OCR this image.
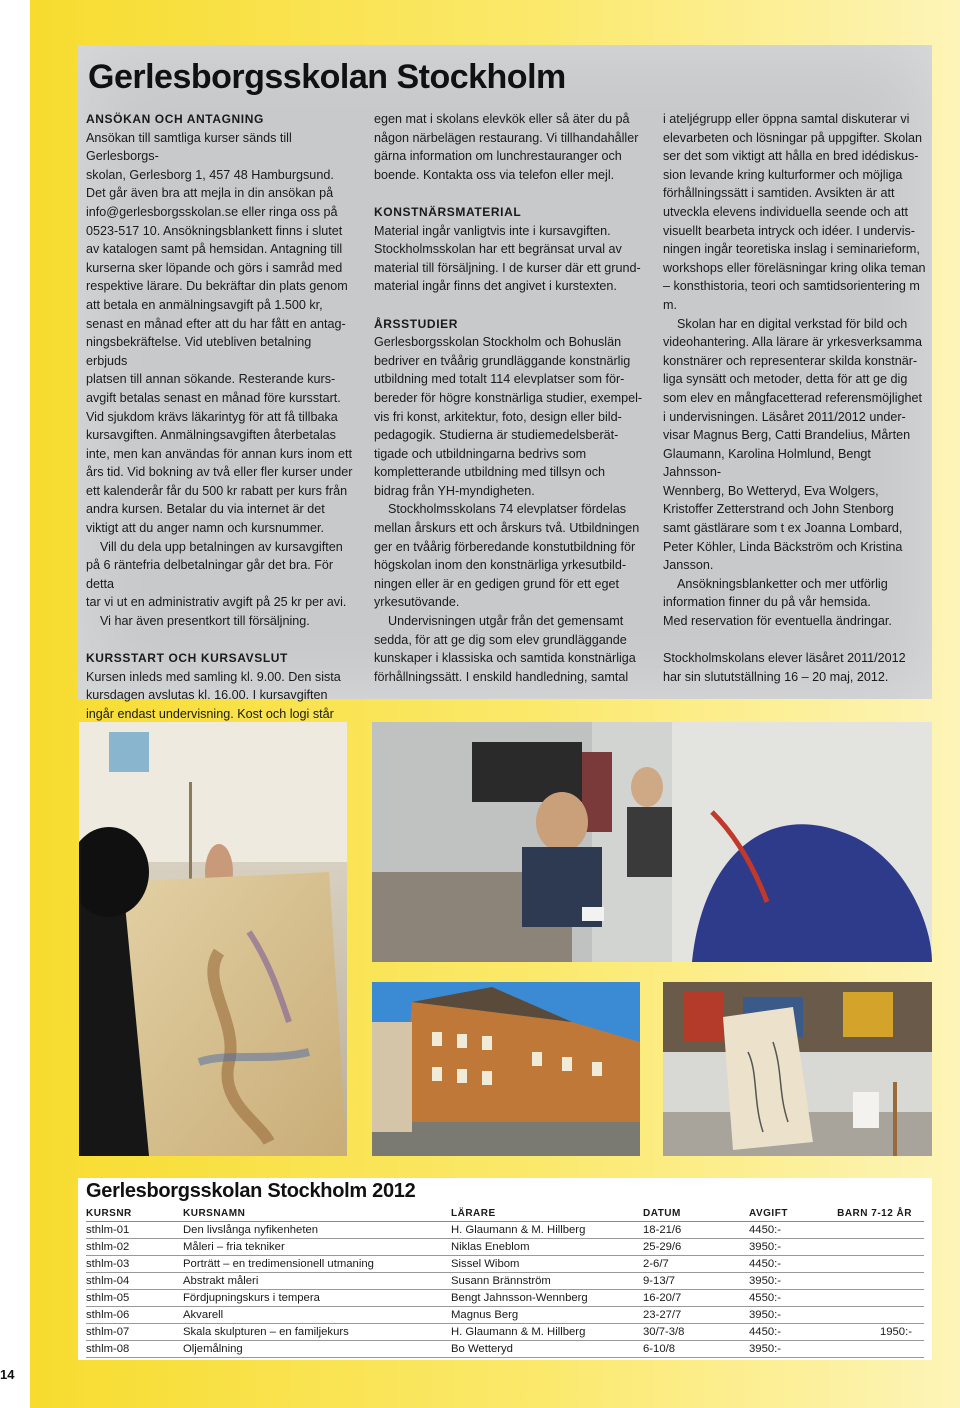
Gerlesborgsskolan Stockholm
ANSÖKAN OCH ANTAGNING

Ansökan till samtliga kurser sänds till Gerlesborgs-

skolan, Gerlesborg 1, 457 48 Hamburgsund.

Det går även bra att mejla in din ansökan på

info@gerlesborgsskolan.se eller ringa oss på

0523-517 10. Ansökningsblankett finns i slutet

av katalogen samt på hemsidan. Antagning till

kurserna sker löpande och görs i samråd med

respektive lärare. Du bekräftar din plats genom

att betala en anmälningsavgift på 1.500 kr,

senast en månad efter att du har fått en antag-

ningsbekräftelse. Vid utebliven betalning erbjuds

platsen till annan sökande. Resterande kurs-

avgift betalas senast en månad före kursstart.

Vid sjukdom krävs läkarintyg för att få tillbaka

kursavgiften. Anmälningsavgiften återbetalas

inte, men kan användas för annan kurs inom ett

års tid. Vid bokning av två eller fler kurser under

ett kalenderår får du 500 kr rabatt per kurs från

andra kursen. Betalar du via internet är det

viktigt att du anger namn och kursnummer.

Vill du dela upp betalningen av kursavgiften

på 6 räntefria delbetalningar går det bra. För detta

tar vi ut en administrativ avgift på 25 kr per avi.

Vi har även presentkort till försäljning.

KURSSTART OCH KURSAVSLUT

Kursen inleds med samling kl. 9.00. Den sista

kursdagen avslutas kl. 16.00. I kursavgiften

ingår endast undervisning. Kost och logi står

egen mat i skolans elevkök eller så äter du på

någon närbelägen restaurang. Vi tillhandahåller

gärna information om lunchrestauranger och

boende. Kontakta oss via telefon eller mejl.

KONSTNÄRSMATERIAL

Material ingår vanligtvis inte i kursavgiften.

Stockholmsskolan har ett begränsat urval av

material till försäljning. I de kurser där ett grund-

material ingår finns det angivet i kurstexten.

ÅRSSTUDIER

Gerlesborgsskolan Stockholm och Bohuslän

bedriver en tvåårig grundläggande konstnärlig

utbildning med totalt 114 elevplatser som för-

bereder för högre konstnärliga studier, exempel-

vis fri konst, arkitektur, foto, design eller bild-

pedagogik. Studierna är studiemedelsberät-

tigade och utbildningarna bedrivs som

kompletterande utbildning med tillsyn och

bidrag från YH-myndigheten.

Stockholmsskolans 74 elevplatser fördelas

mellan årskurs ett och årskurs två. Utbildningen

ger en tvåårig förberedande konstutbildning för

högskolan inom den konstnärliga yrkesutbild-

ningen eller är en gedigen grund för ett eget

yrkesutövande.

Undervisningen utgår från det gemensamt

sedda, för att ge dig som elev grundläggande

kunskaper i klassiska och samtida konstnärliga

förhållningssätt. I enskild handledning, samtal

i ateljégrupp eller öppna samtal diskuterar vi

elevarbeten och lösningar på uppgifter. Skolan

ser det som viktigt att hålla en bred idédiskus-

sion levande kring kulturformer och möjliga

förhållningssätt i samtiden. Avsikten är att

utveckla elevens individuella seende och att

visuellt bearbeta intryck och idéer. I undervis-

ningen ingår teoretiska inslag i seminarieform,

workshops eller föreläsningar kring olika teman

– konsthistoria, teori och samtidsorientering m m.

Skolan har en digital verkstad för bild och

videohantering. Alla lärare är yrkesverksamma

konstnärer och representerar skilda konstnär-

liga synsätt och metoder, detta för att ge dig

som elev en mångfacetterad referensmöjlighet

i undervisningen. Läsåret 2011/2012 under-

visar Magnus Berg, Catti Brandelius, Mårten

Glaumann, Karolina Holmlund, Bengt Jahnsson-

Wennberg, Bo Wetteryd, Eva Wolgers,

Kristoffer Zetterstrand och John Stenborg

samt gästlärare som t ex Joanna Lombard,

Peter Köhler, Linda Bäckström och Kristina

Jansson.

Ansökningsblanketter och mer utförlig

information finner du på vår hemsida.

Med reservation för eventuella ändringar.

Stockholmskolans elever läsåret 2011/2012

har sin slututställning 16 – 20 maj, 2012.

Gerlesborgsskolan Stockholm 2012
KURSNR	KURSNAMN	LÄRARE	DATUM	AVGIFT	BARN 7-12 ÅR
sthlm-01	Den livslånga nyfikenheten	H. Glaumann & M. Hillberg	18-21/6	4450:-	
sthlm-02	Måleri – fria tekniker	Niklas Eneblom	25-29/6	3950:-	
sthlm-03	Porträtt – en tredimensionell utmaning	Sissel Wibom	2-6/7	4450:-	
sthlm-04	Abstrakt måleri	Susann Brännström	9-13/7	3950:-	
sthlm-05	Fördjupningskurs i tempera	Bengt Jahnsson-Wennberg	16-20/7	4550:-	
sthlm-06	Akvarell	Magnus Berg	23-27/7	3950:-	
sthlm-07	Skala skulpturen – en familjekurs	H. Glaumann & M. Hillberg	30/7-3/8	4450:-	1950:-
sthlm-08	Oljemålning	Bo Wetteryd	6-10/8	3950:-	
14
